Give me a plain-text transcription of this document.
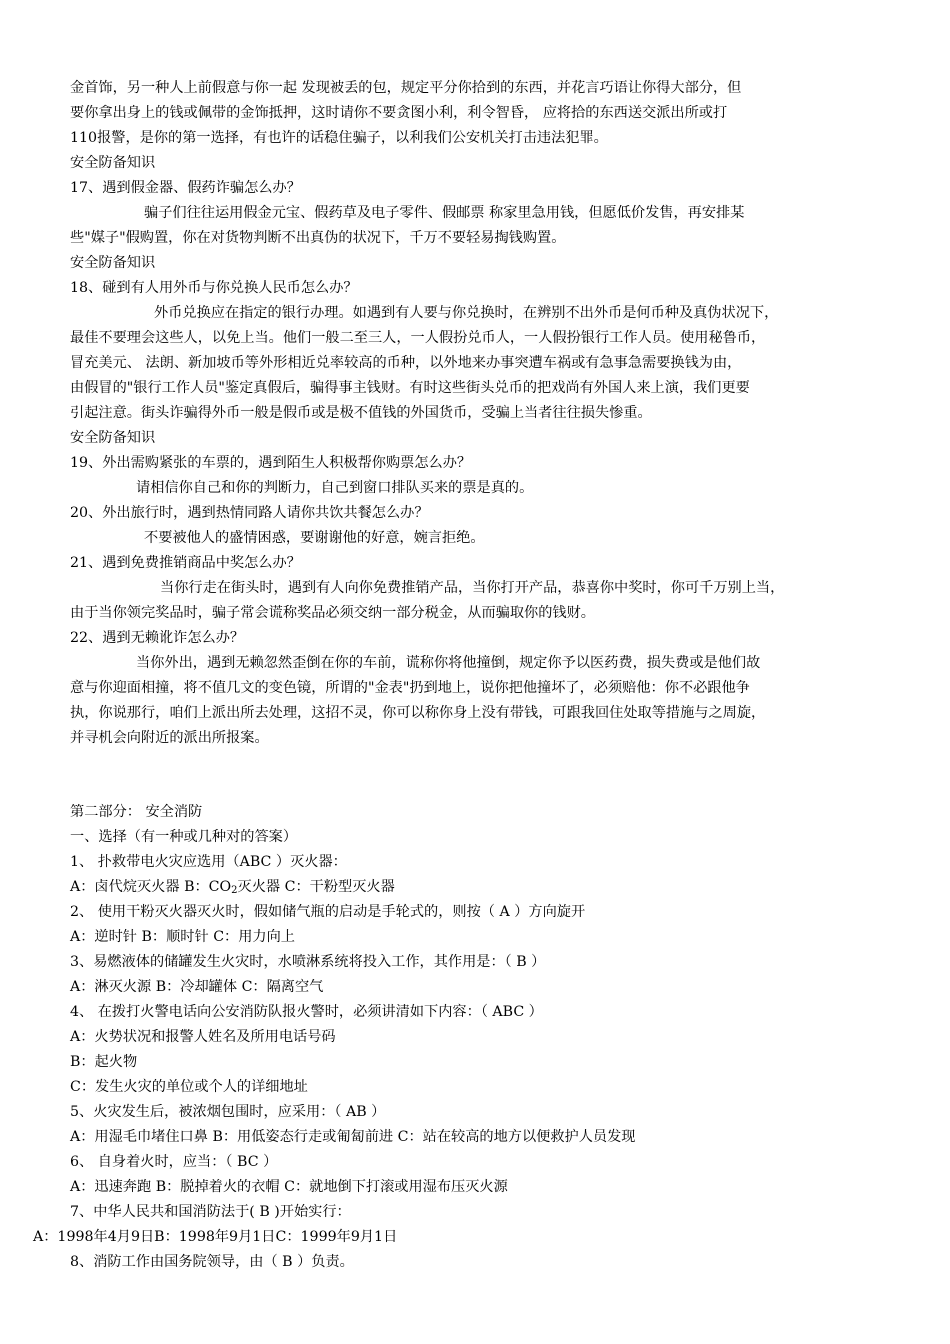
金首饰，另一种人上前假意与你一起 发现被丢的包，规定平分你拾到的东西，并花言巧语让你得大部分，但
要你拿出身上的钱或佩带的金饰抵押，这时请你不要贪图小利，利令智昏， 应将拾的东西送交派出所或打
110报警，是你的第一选择，有也许的话稳住骗子，以利我们公安机关打击违法犯罪。
安全防备知识
17、遇到假金器、假药诈骗怎么办？
骗子们往往运用假金元宝、假药草及电子零件、假邮票 称家里急用钱，但愿低价发售，再安排某
些"媒子"假购置，你在对货物判断不出真伪的状况下，千万不要轻易掏钱购置。
安全防备知识
18、碰到有人用外币与你兑换人民币怎么办？
外币兑换应在指定的银行办理。如遇到有人要与你兑换时，在辨别不出外币是何币种及真伪状况下，
最佳不要理会这些人，以免上当。他们一般二至三人，一人假扮兑币人，一人假扮银行工作人员。使用秘鲁币，
冒充美元、 法朗、新加坡币等外形相近兑率较高的币种，以外地来办事突遭车祸或有急事急需要换钱为由，
由假冒的"银行工作人员"鉴定真假后，骗得事主钱财。有时这些街头兑币的把戏尚有外国人来上演，我们更要
引起注意。街头诈骗得外币一般是假币或是极不值钱的外国货币，受骗上当者往往损失惨重。
安全防备知识
19、外出需购紧张的车票的，遇到陌生人积极帮你购票怎么办？
请相信你自己和你的判断力，自己到窗口排队买来的票是真的。
20、外出旅行时，遇到热情同路人请你共饮共餐怎么办？
不要被他人的盛情困惑，要谢谢他的好意，婉言拒绝。
21、遇到免费推销商品中奖怎么办？
当你行走在街头时，遇到有人向你免费推销产品，当你打开产品，恭喜你中奖时，你可千万别上当，
由于当你领完奖品时，骗子常会谎称奖品必须交纳一部分税金，从而骗取你的钱财。
22、遇到无赖讹诈怎么办？
当你外出，遇到无赖忽然歪倒在你的车前，谎称你将他撞倒，规定你予以医药费，损失费或是他们故
意与你迎面相撞，将不值几文的变色镜，所谓的"金表"扔到地上，说你把他撞坏了，必须赔他：你不必跟他争
执，你说那行，咱们上派出所去处理，这招不灵，你可以称你身上没有带钱，可跟我回住处取等措施与之周旋，
并寻机会向附近的派出所报案。
第二部分： 安全消防
一、选择（有一种或几种对的答案）
1、 扑救带电火灾应选用（ABC ）灭火器：
A：卤代烷灭火器 B：$CO_2$灭火器 C：干粉型灭火器
2、 使用干粉灭火器灭火时，假如储气瓶的启动是手轮式的，则按（ A ）方向旋开
A：逆时针 B：顺时针 C：用力向上
3、易燃液体的储罐发生火灾时，水喷淋系统将投入工作，其作用是：（ B ）
A：淋灭火源 B：冷却罐体 C：隔离空气
4、 在拨打火警电话向公安消防队报火警时，必须讲清如下内容：（ ABC ）
A：火势状况和报警人姓名及所用电话号码
B：起火物
C：发生火灾的单位或个人的详细地址
5、火灾发生后，被浓烟包围时，应采用：（ AB ）
A：用湿毛巾堵住口鼻 B：用低姿态行走或匍匐前进 C：站在较高的地方以便救护人员发现
6、 自身着火时，应当：（ BC ）
A：迅速奔跑 B：脱掉着火的衣帽 C：就地倒下打滚或用湿布压灭火源
7、中华人民共和国消防法于( B )开始实行：
A：1998年4月9日B：1998年9月1日C：1999年9月1日
8、消防工作由国务院领导，由（ B ）负责。
